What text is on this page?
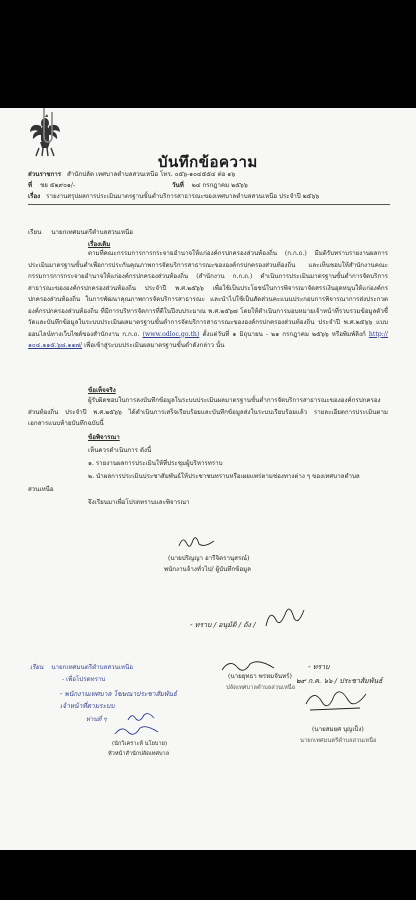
บันทึกข้อความ
ส่วนราชการ สำนักปลัด เทศบาลตำบลสวนเหนือ โทร. ๐๕๖-๑๐๔๕๕๔ ต่อ ๑๖
ที่ ชย ๕๒๙๐๑/-	วันที่ ๒๔ กรกฎาคม ๒๕๖๖
เรื่อง รายงานสรุปผลการประเมินมาตรฐานขั้นต่ำบริการสาธารณะของเทศบาลตำบลสวนเหนือ ประจำปี ๒๕๖๖
เรียน นายกเทศมนตรีตำบลสวนเหนือ
เรื่องเดิม
ตามที่คณะกรรมการการกระจายอำนาจให้แก่องค์กรปกครองส่วนท้องถิ่น (ก.ก.ถ.) มีมติรับทราบรายงานผลการประเมินมาตรฐานขั้นต่ำเพื่อการประกันคุณภาพการจัดบริการสาธารณะขององค์กรปกครองส่วนท้องถิ่น และเห็นชอบให้สำนักงานคณะกรรมการการกระจายอำนาจให้แก่องค์กรปกครองส่วนท้องถิ่น (สำนักงาน ก.ก.ถ.) ดำเนินการประเมินมาตรฐานขั้นต่ำการจัดบริการสาธารณะขององค์กรปกครองส่วนท้องถิ่น ประจำปี พ.ศ.๒๕๖๖ เพื่อใช้เป็นประโยชน์ในการพิจารณาจัดสรรเงินอุดหนุนให้แก่องค์กรปกครองส่วนท้องถิ่น ในการพัฒนาคุณภาพการจัดบริการสาธารณะ และนำไปใช้เป็นสัดส่วนคะแนนประกอบการพิจารณาการส่งประกวดองค์กรปกครองส่วนท้องถิ่น ที่มีการบริหารจัดการที่ดีในปีงบประมาณ พ.ศ.๒๕๖๗ โดยให้ดำเนินการมอบหมายเจ้าหน้าที่รวบรวมข้อมูลตัวชี้วัดและบันทึกข้อมูลในระบบประเมินผลมาตรฐานขั้นต่ำการจัดบริการสาธารณะขององค์กรปกครองส่วนท้องถิ่น ประจำปี พ.ศ.๒๕๖๖ แบบออนไลน์ทางเว็บไซต์ของสำนักงาน ก.ก.ถ. (www.odloc.go.th) ตั้งแต่วันที่ ๑ มิถุนายน - ๒๑ กรกฎาคม ๒๕๖๖ หรือพิมพ์ลิงก์ http://๑๐๔.๑๑๕.๖๘.๑๑๗/ เพื่อเข้าสู่ระบบประเมินผลมาตรฐานขั้นต่ำดังกล่าว นั้น
ข้อเท็จจริง
ผู้รับผิดชอบในการลงบันทึกข้อมูลในระบบประเมินผลมาตรฐานขั้นต่ำการจัดบริการสาธารณะขององค์กรปกครองส่วนท้องถิ่น ประจำปี พ.ศ.๒๕๖๖ ได้ดำเนินการเสร็จเรียบร้อยและบันทึกข้อมูลส่งในระบบเรียบร้อยแล้ว รายละเอียดการประเมินตามเอกสารแนบท้ายบันทึกฉบับนี้
ข้อพิจารณา
เห็นควรดำเนินการ ดังนี้
๑. รายงานผลการประเมินให้ที่ประชุมผู้บริหารทราบ
๒. นำผลการประเมินประชาสัมพันธ์ให้ประชาชนทราบหรือเผยแพร่ตามช่องทางต่าง ๆ ของเทศบาลตำบล
สวนเหนือ
จึงเรียนมาเพื่อโปรดทราบและพิจารณา
(นายปริญญา อารีจิตรานุสรณ์)
พนักงานจ้างทั่วไป/ ผู้บันทึกข้อมูล
- ทราบ / อนุมัติ / ถัง /
เรียน นายกเทศมนตรีตำบลสวนเหนือ
- เพื่อโปรดทราบ
- พนักงานเทศบาล โฆษณาประชาสัมพันธ์
เจ้าหน้าที่ตามระบบ
ท่านที่ ๆ
(นักวิเคราะห์ นโยบาย)
หัวหน้าสำนักปลัดเทศบาล
(นายยุทธา พรหมจันทร์)
ปลัดเทศบาลตำบลสวนเหนือ
- ทราบ
๒๙ ก.ค. ๖๖ / ประชาสัมพันธ์
(นายสมยศ บุญเป็ง)
นายกเทศมนตรีตำบลสวนเหนือ
